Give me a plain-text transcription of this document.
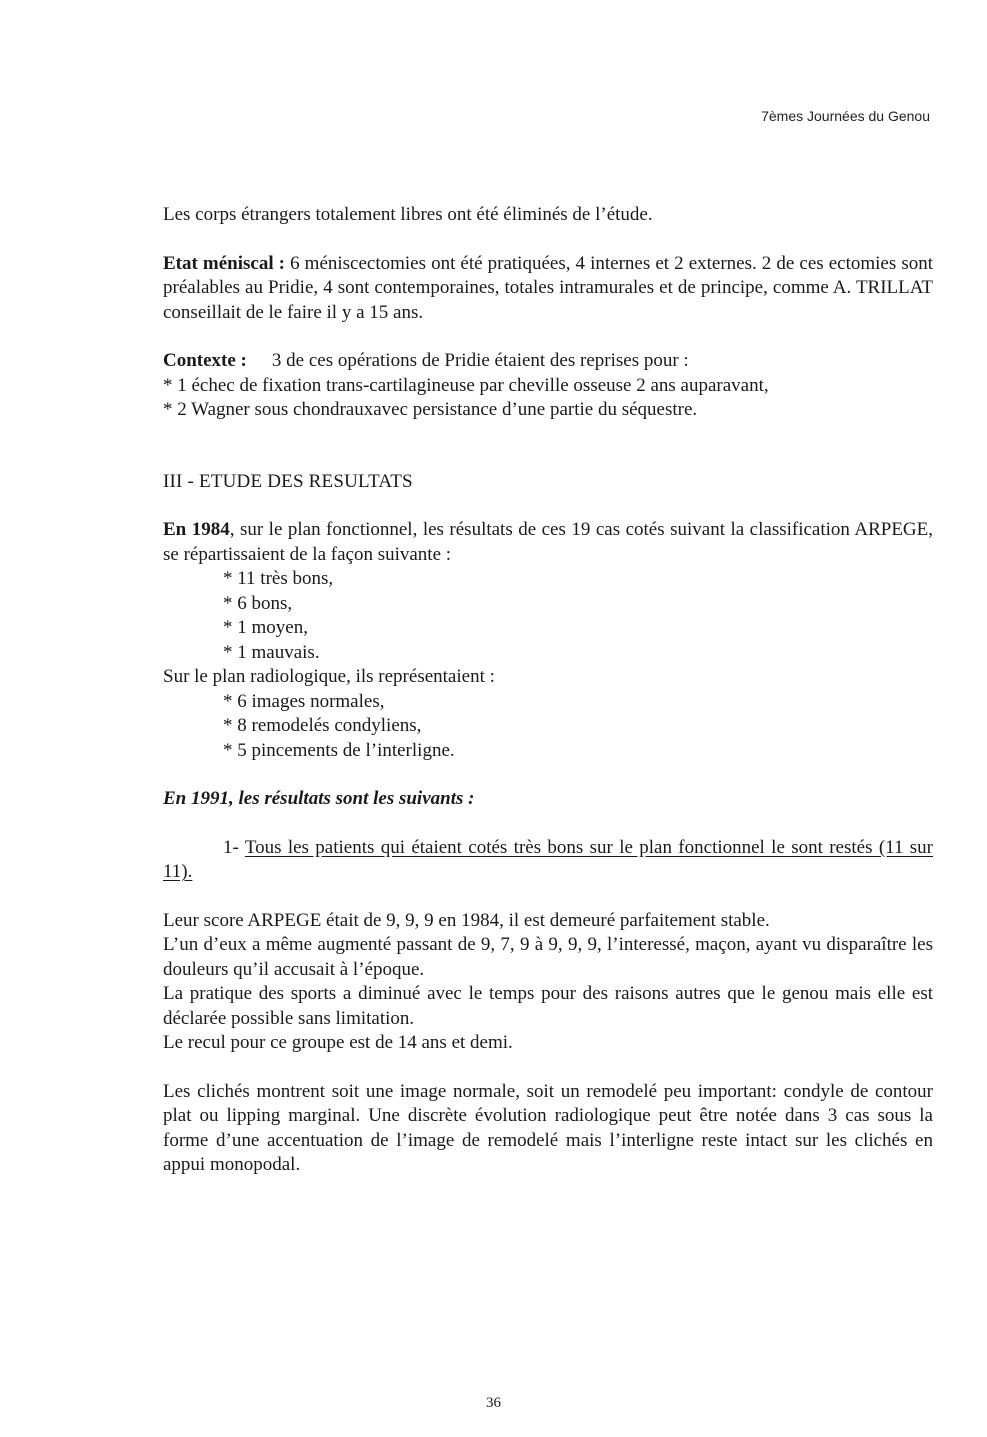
7èmes Journées du Genou

Les corps étrangers totalement libres ont été éliminés de l’étude.

Etat méniscal : 6 méniscectomies ont été pratiquées, 4 internes et 2 externes. 2 de ces ectomies sont préalables au Pridie, 4 sont contemporaines, totales intramurales et de principe, comme A. TRILLAT conseillait de le faire il y a 15 ans.

Contexte : 3 de ces opérations de Pridie étaient des reprises pour :

* 1 échec de fixation trans-cartilagineuse par cheville osseuse 2 ans auparavant,

* 2 Wagner sous chondrauxavec persistance d’une partie du séquestre.

III - ETUDE DES RESULTATS

En 1984, sur le plan fonctionnel, les résultats de ces 19 cas cotés suivant la classification ARPEGE, se répartissaient de la façon suivante :

* 11 très bons,

* 6 bons,

* 1 moyen,

* 1 mauvais.

Sur le plan radiologique, ils représentaient :

* 6 images normales,

* 8 remodelés condyliens,

* 5 pincements de l’interligne.

En 1991, les résultats sont les suivants :

1- Tous les patients qui étaient cotés très bons sur le plan fonctionnel le sont restés (11 sur 11).

Leur score ARPEGE était de 9, 9, 9 en 1984, il est demeuré parfaitement stable.

L’un d’eux a même augmenté passant de 9, 7, 9 à 9, 9, 9, l’interessé, maçon, ayant vu disparaître les douleurs qu’il accusait à l’époque.

La pratique des sports a diminué avec le temps pour des raisons autres que le genou mais elle est déclarée possible sans limitation.

Le recul pour ce groupe est de 14 ans et demi.

Les clichés montrent soit une image normale, soit un remodelé peu important: condyle de contour plat ou lipping marginal. Une discrète évolution radiologique peut être notée dans 3 cas sous la forme d’une accentuation de l’image de remodelé mais l’interligne reste intact sur les clichés en appui monopodal.

36
